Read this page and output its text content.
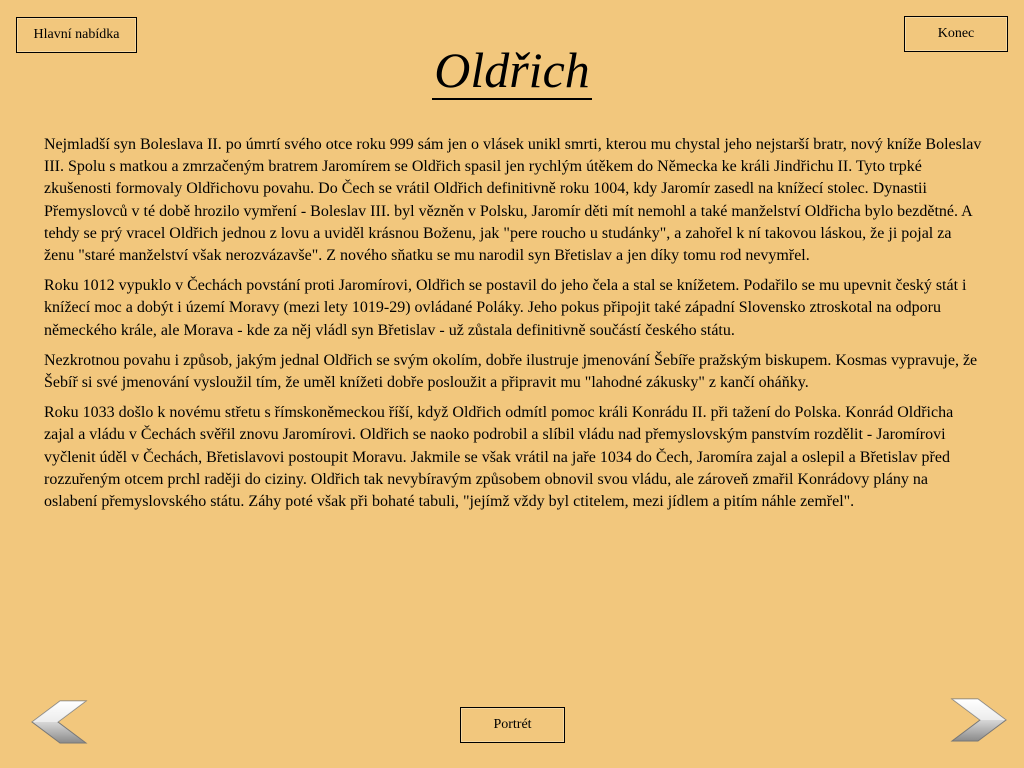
Hlavní nabídka	Konec
Oldřich

Nejmladší syn Boleslava II. po úmrtí svého otce roku 999 sám jen o vlásek unikl smrti, kterou mu chystal jeho nejstarší bratr, nový kníže Boleslav III. Spolu s matkou a zmrzačeným bratrem Jaromírem se Oldřich spasil jen rychlým útěkem do Německa ke králi Jindřichu II. Tyto trpké zkušenosti formovaly Oldřichovu povahu. Do Čech se vrátil Oldřich definitivně roku 1004, kdy Jaromír zasedl na knížecí stolec. Dynastii Přemyslovců v té době hrozilo vymření - Boleslav III. byl vězněn v Polsku, Jaromír děti mít nemohl a také manželství Oldřicha bylo bezdětné. A tehdy se prý vracel Oldřich jednou z lovu a uviděl krásnou Boženu, jak "pere roucho u studánky", a zahořel k ní takovou láskou, že ji pojal za ženu "staré manželství však nerozvázavše". Z nového sňatku se mu narodil syn Břetislav a jen díky tomu rod nevymřel.

Roku 1012 vypuklo v Čechách povstání proti Jaromírovi, Oldřich se postavil do jeho čela a stal se knížetem. Podařilo se mu upevnit český stát i knížecí moc a dobýt i území Moravy (mezi lety 1019-29) ovládané Poláky. Jeho pokus připojit také západní Slovensko ztroskotal na odporu německého krále, ale Morava - kde za něj vládl syn Břetislav - už zůstala definitivně součástí českého státu.

Nezkrotnou povahu i způsob, jakým jednal Oldřich se svým okolím, dobře ilustruje jmenování Šebíře pražským biskupem. Kosmas vypravuje, že Šebíř si své jmenování vysloužil tím, že uměl knížeti dobře posloužit a připravit mu "lahodné zákusky" z kančí oháňky.

Roku 1033 došlo k novému střetu s římskoněmeckou říší, když Oldřich odmítl pomoc králi Konrádu II. při tažení do Polska. Konrád Oldřicha zajal a vládu v Čechách svěřil znovu Jaromírovi. Oldřich se naoko podrobil a slíbil vládu nad přemyslovským panstvím rozdělit - Jaromírovi vyčlenit úděl v Čechách, Břetislavovi postoupit Moravu. Jakmile se však vrátil na jaře 1034 do Čech, Jaromíra zajal a oslepil a Břetislav před rozzuřeným otcem prchl raději do ciziny. Oldřich tak nevybíravým způsobem obnovil svou vládu, ale zároveň zmařil Konrádovy plány na oslabení přemyslovského státu. Záhy poté však při bohaté tabuli, "jejímž vždy byl ctitelem, mezi jídlem a pitím náhle zemřel".

Portrét
